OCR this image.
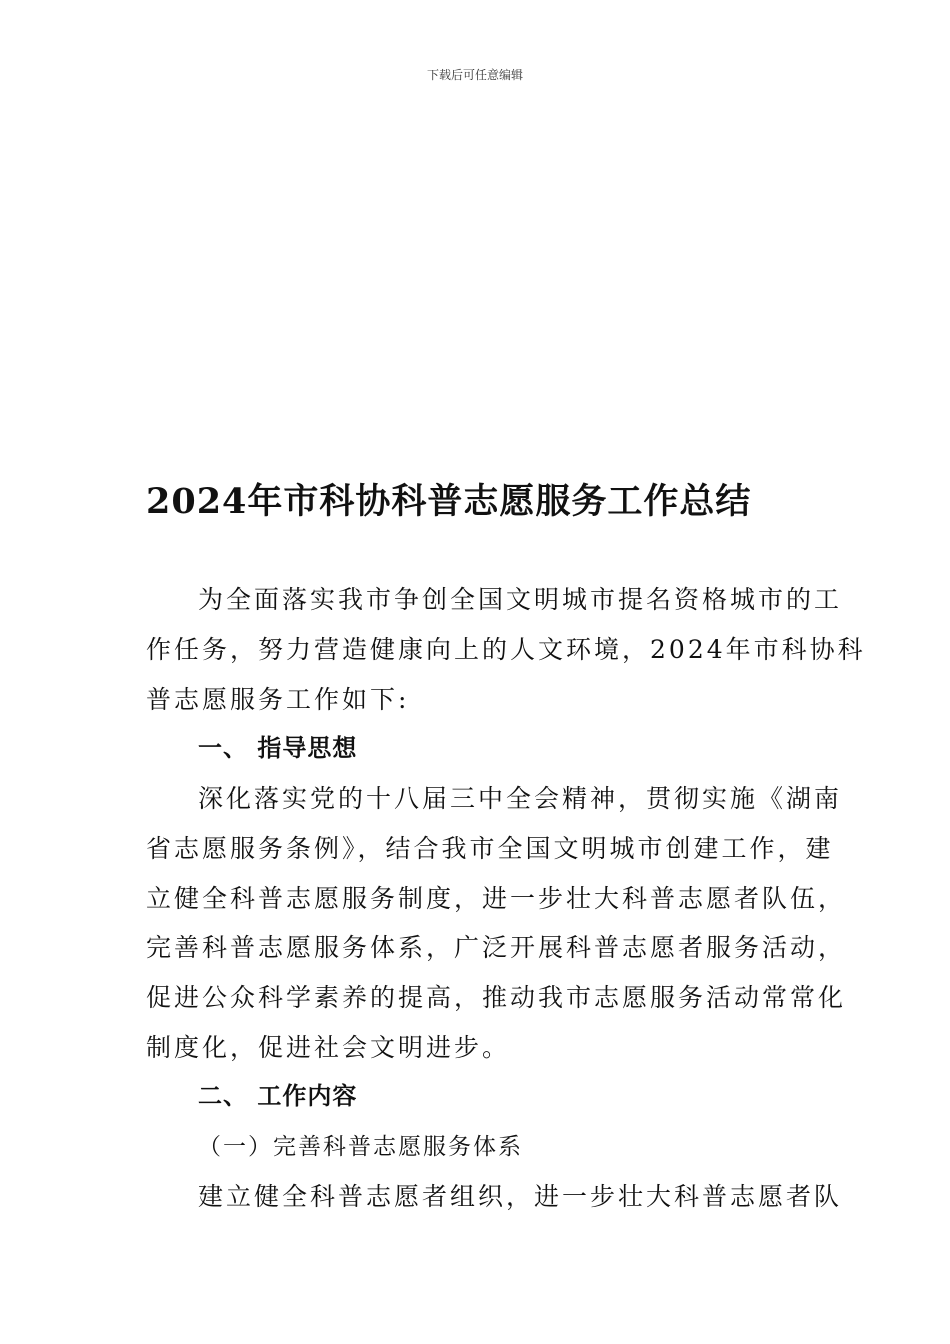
下载后可任意编辑
2024年市科协科普志愿服务工作总结
为全面落实我市争创全国文明城市提名资格城市的工
作任务，努力营造健康向上的人文环境，2024年市科协科
普志愿服务工作如下:
一、 指导思想
深化落实党的十八届三中全会精神，贯彻实施《湖南
省志愿服务条例》，结合我市全国文明城市创建工作，建
立健全科普志愿服务制度，进一步壮大科普志愿者队伍，
完善科普志愿服务体系，广泛开展科普志愿者服务活动，
促进公众科学素养的提高，推动我市志愿服务活动常常化
制度化，促进社会文明进步。
二、 工作内容
（一）完善科普志愿服务体系
建立健全科普志愿者组织，进一步壮大科普志愿者队
